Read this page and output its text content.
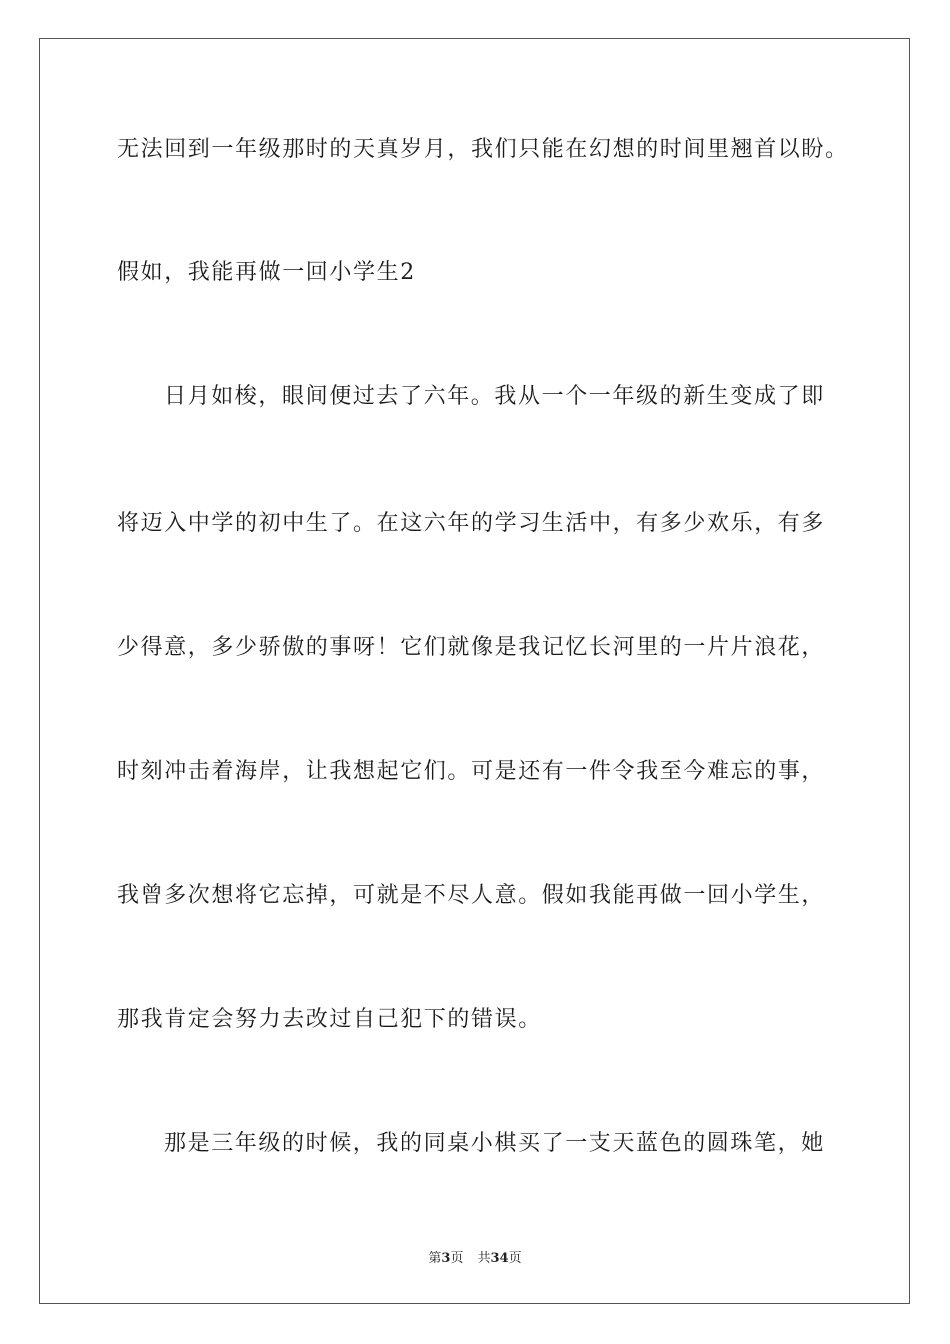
无法回到一年级那时的天真岁月，我们只能在幻想的时间里翘首以盼。
假如，我能再做一回小学生2
日月如梭，眼间便过去了六年。我从一个一年级的新生变成了即
将迈入中学的初中生了。在这六年的学习生活中，有多少欢乐，有多
少得意，多少骄傲的事呀！它们就像是我记忆长河里的一片片浪花，
时刻冲击着海岸，让我想起它们。可是还有一件令我至今难忘的事，
我曾多次想将它忘掉，可就是不尽人意。假如我能再做一回小学生，
那我肯定会努力去改过自己犯下的错误。
那是三年级的时候，我的同桌小棋买了一支天蓝色的圆珠笔，她
第3页 共34页
